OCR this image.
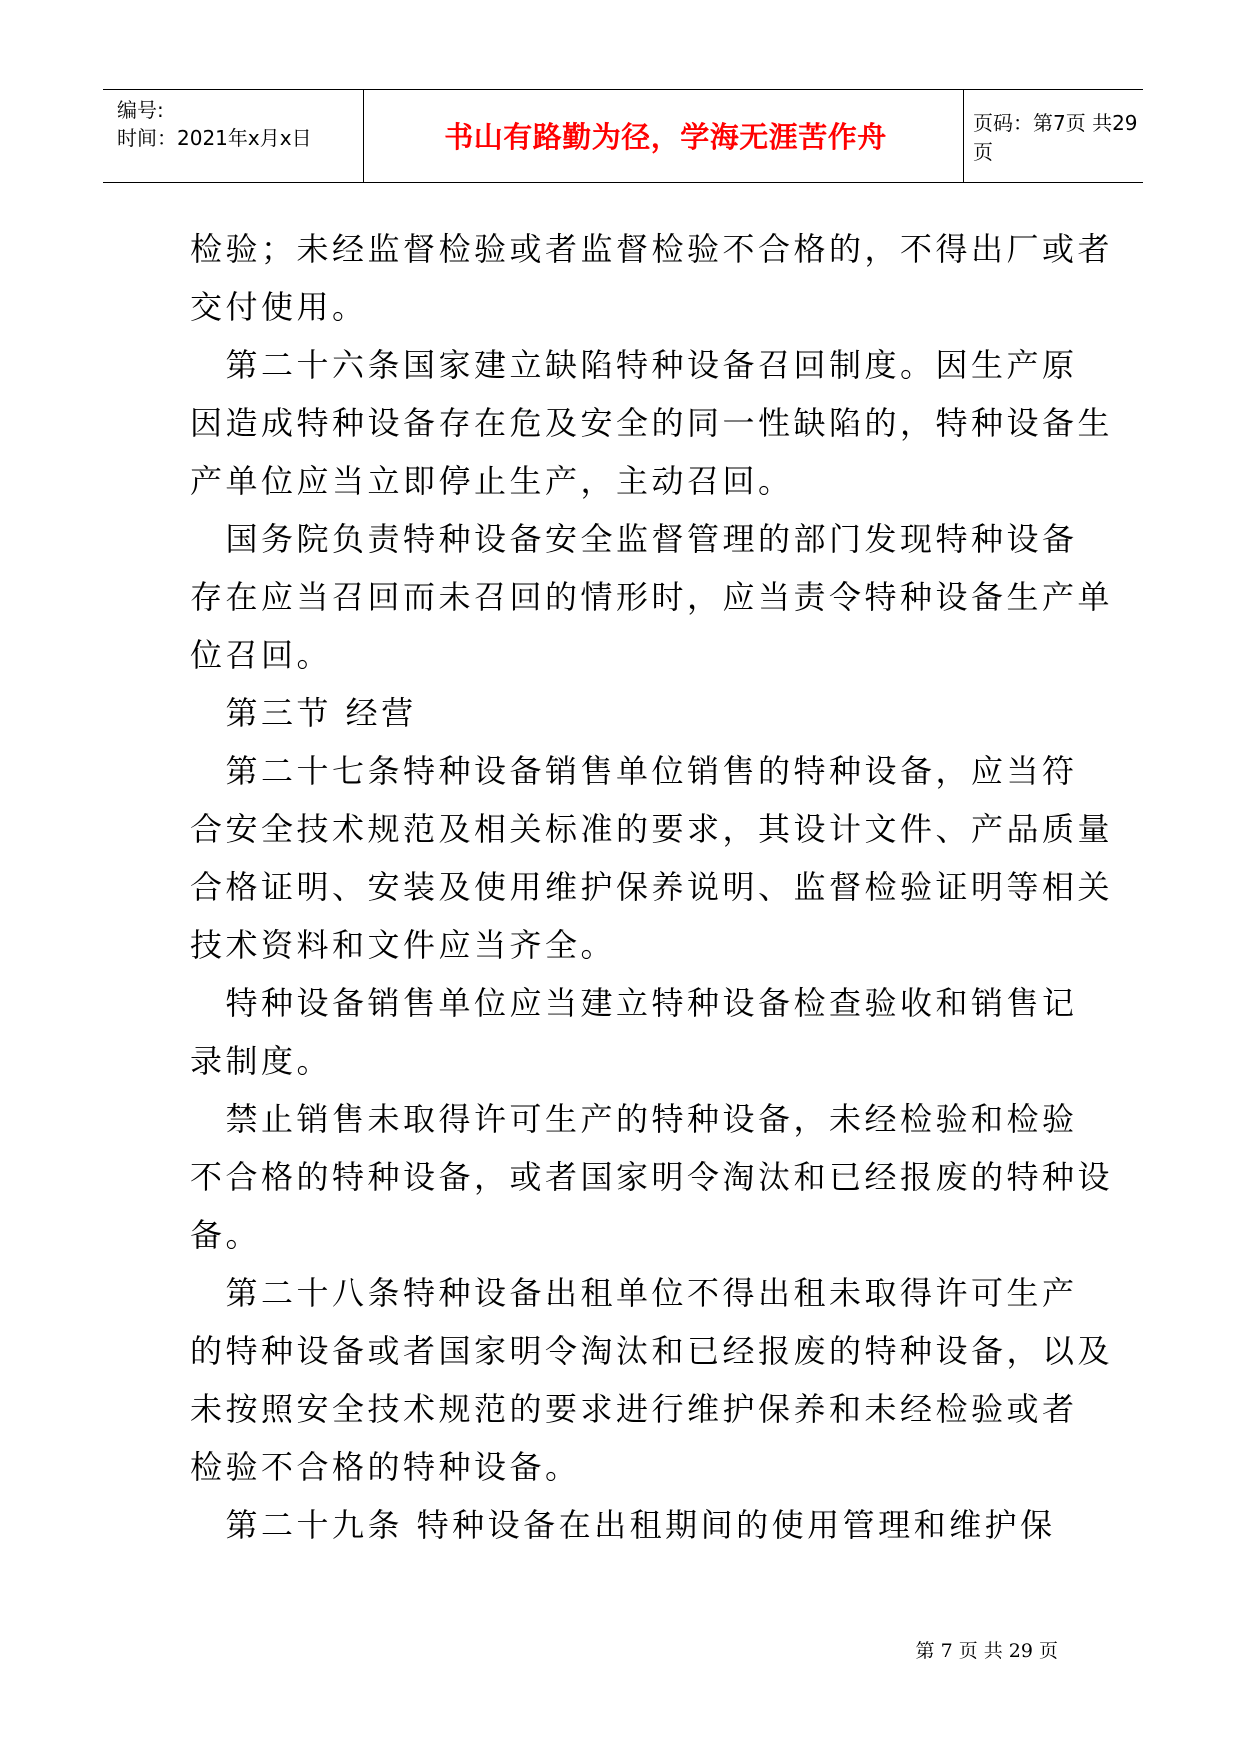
编号:
时间：2021年x月x日	书山有路勤为径，学海无涯苦作舟	页码：第7页 共29页
检验；未经监督检验或者监督检验不合格的，不得出厂或者
交付使用。
　第二十六条国家建立缺陷特种设备召回制度。因生产原
因造成特种设备存在危及安全的同一性缺陷的，特种设备生
产单位应当立即停止生产，主动召回。
　国务院负责特种设备安全监督管理的部门发现特种设备
存在应当召回而未召回的情形时，应当责令特种设备生产单
位召回。
　第三节 经营
　第二十七条特种设备销售单位销售的特种设备，应当符
合安全技术规范及相关标准的要求，其设计文件、产品质量
合格证明、安装及使用维护保养说明、监督检验证明等相关
技术资料和文件应当齐全。
　特种设备销售单位应当建立特种设备检查验收和销售记
录制度。
　禁止销售未取得许可生产的特种设备，未经检验和检验
不合格的特种设备，或者国家明令淘汰和已经报废的特种设
备。
　第二十八条特种设备出租单位不得出租未取得许可生产
的特种设备或者国家明令淘汰和已经报废的特种设备，以及
未按照安全技术规范的要求进行维护保养和未经检验或者
检验不合格的特种设备。
　第二十九条 特种设备在出租期间的使用管理和维护保
第 7 页 共 29 页
